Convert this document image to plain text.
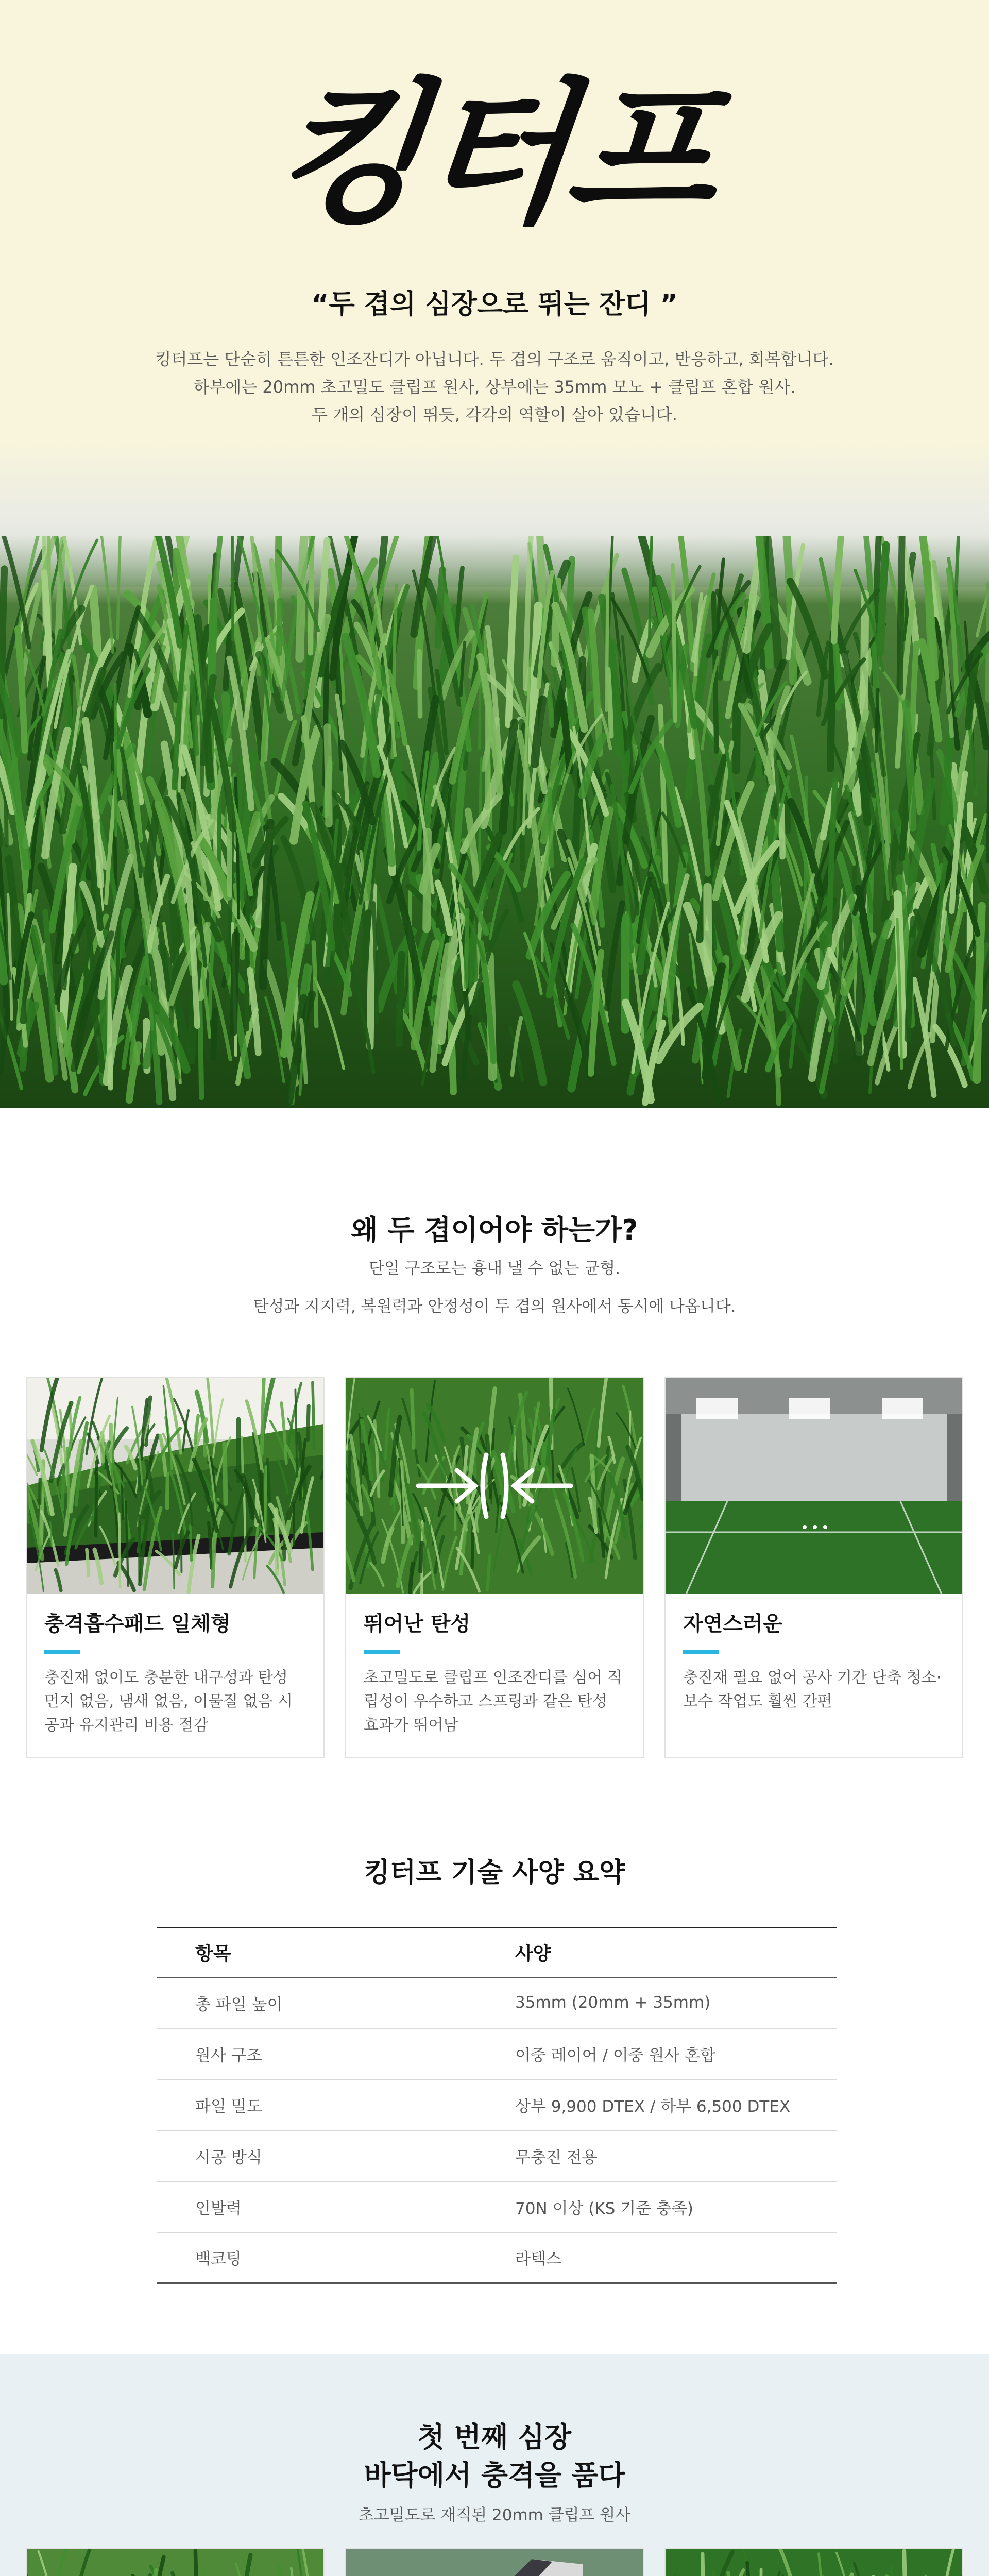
킹터프
“두 겹의 심장으로 뛰는 잔디 ”
킹터프는 단순히 튼튼한 인조잔디가 아닙니다. 두 겹의 구조로 움직이고, 반응하고, 회복합니다.
하부에는 20mm 초고밀도 클립프 원사, 상부에는 35mm 모노 + 클립프 혼합 원사.
두 개의 심장이 뛰듯, 각각의 역할이 살아 있습니다.
왜 두 겹이어야 하는가?
단일 구조로는 흉내 낼 수 없는 균형.
탄성과 지지력, 복원력과 안정성이 두 겹의 원사에서 동시에 나옵니다.
충격흡수패드 일체형
충진재 없이도 충분한 내구성과 탄성 먼지 없음, 냄새 없음, 이물질 없음 시공과 유지관리 비용 절감
뛰어난 탄성
초고밀도로 클립프 인조잔디를 심어 직립성이 우수하고 스프링과 같은 탄성 효과가 뛰어남
자연스러운
충진재 필요 없어 공사 기간 단축 청소·보수 작업도 훨씬 간편
킹터프 기술 사양 요약
항목	사양
총 파일 높이	35mm (20mm + 35mm)
원사 구조	이중 레이어 / 이중 원사 혼합
파일 밀도	상부 9,900 DTEX / 하부 6,500 DTEX
시공 방식	무충진 전용
인발력	70N 이상 (KS 기준 충족)
백코팅	라텍스
첫 번째 심장
바닥에서 충격을 품다
초고밀도로 재직된 20mm 클립프 원사
